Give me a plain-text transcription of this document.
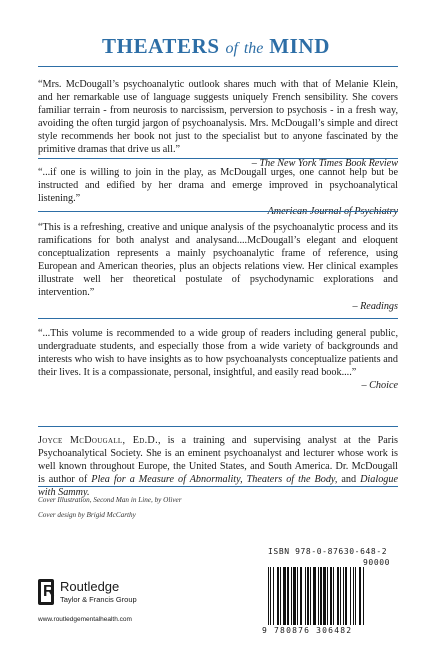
THEATERS of the MIND

“Mrs. McDougall’s psychoanalytic outlook shares much with that of Melanie Klein, and her remarkable use of language suggests uniquely French sensibility. She covers familiar terrain - from neurosis to narcissism, perversion to psychosis - in a fresh way, avoiding the often turgid jargon of psychoanalysis. Mrs. McDougall’s simple and direct style recommends her book not just to the specialist but to anyone fascinated by the primitive dramas that drive us all.”

– The New York Times Book Review

“...if one is willing to join in the play, as McDougall urges, one cannot help but be instructed and edified by her drama and emerge improved in psychoanalytical listening.”

– American Journal of Psychiatry

“This is a refreshing, creative and unique analysis of the psychoanalytic process and its ramifications for both analyst and analysand....McDougall’s elegant and eloquent conceptualization represents a mainly psychoanalytic frame of reference, using European and American theories, plus an objects relations view. Her clinical examples illustrate well her theoretical postulate of psychodynamic explorations and intervention.”

– Readings

“...This volume is recommended to a wide group of readers including general public, undergraduate students, and especially those from a wide variety of backgrounds and interests who wish to have insights as to how psychoanalysts conceptualize patients and their lives. It is a compassionate, personal, insightful, and easily read book....”

– Choice

Joyce McDougall, Ed.D., is a training and supervising analyst at the Paris Psychoanalytical Society. She is an eminent psychoanalyst and lecturer whose work is well known throughout Europe, the United States, and South America. Dr. McDougall is author of Plea for a Measure of Abnormality, Theaters of the Body, and Dialogue with Sammy.
Cover Illustration, Second Man in Line, by Oliver
Cover design by Brigid McCarthy
R Routledge
Taylor & Francis Group
www.routledgementalhealth.com
ISBN 978-0-87630-648-2
90000
9 780876 306482
